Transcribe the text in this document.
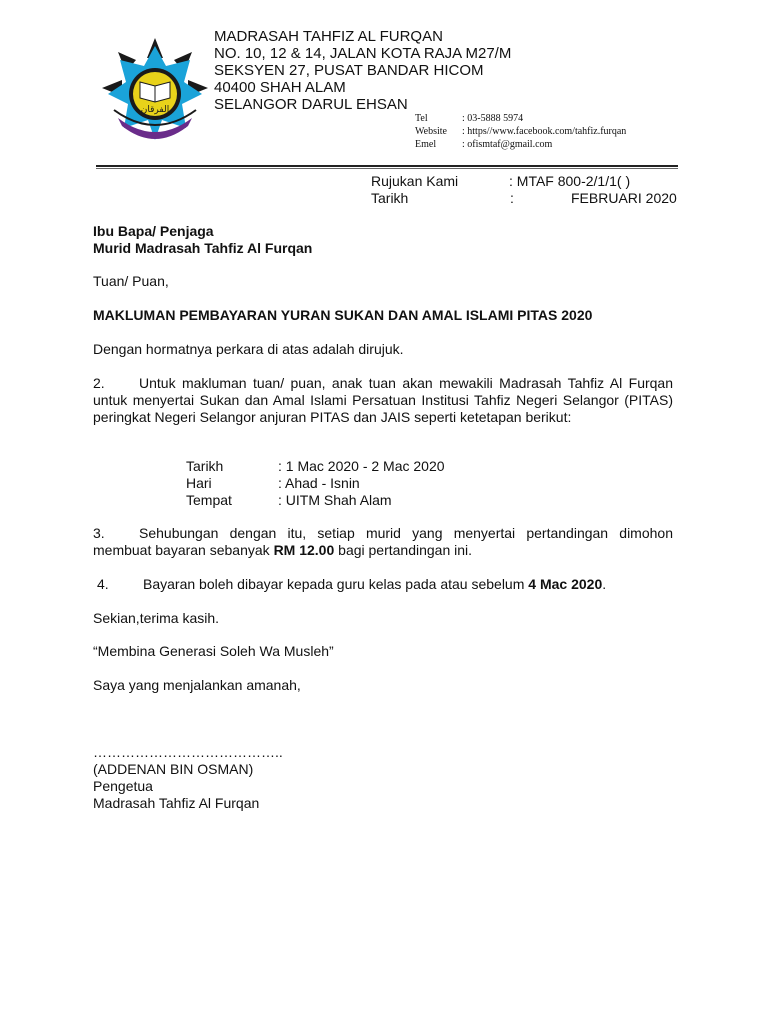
الفرقان
MADRASAH TAHFIZ AL FURQAN
NO. 10, 12 & 14, JALAN KOTA RAJA M27/M
SEKSYEN 27, PUSAT BANDAR HICOM
40400 SHAH ALAM
SELANGOR DARUL EHSAN
Tel	: 03-5888 5974
Website	: https//www.facebook.com/tahfiz.furqan
Emel	: ofismtaf@gmail.com
Rujukan Kami	: MTAF 800-2/1/1( )
Tarikh	:	FEBRUARI 2020
Ibu Bapa/ Penjaga
Murid Madrasah Tahfiz Al Furqan
Tuan/ Puan,
MAKLUMAN PEMBAYARAN YURAN SUKAN DAN AMAL ISLAMI PITAS 2020
Dengan hormatnya perkara di atas adalah dirujuk.
2. Untuk makluman tuan/ puan, anak tuan akan mewakili Madrasah Tahfiz Al Furqan untuk menyertai Sukan dan Amal Islami Persatuan Institusi Tahfiz Negeri Selangor (PITAS) peringkat Negeri Selangor anjuran PITAS dan JAIS seperti ketetapan berikut:
Tarikh	: 1 Mac 2020 - 2 Mac 2020
Hari	: Ahad - Isnin
Tempat	: UITM Shah Alam
3. Sehubungan dengan itu, setiap murid yang menyertai pertandingan dimohon membuat bayaran sebanyak RM 12.00 bagi pertandingan ini.
4. Bayaran boleh dibayar kepada guru kelas pada atau sebelum 4 Mac 2020.
Sekian,terima kasih.
“Membina Generasi Soleh Wa Musleh”
Saya yang menjalankan amanah,
…………………………………..
(ADDENAN BIN OSMAN)
Pengetua
Madrasah Tahfiz Al Furqan
